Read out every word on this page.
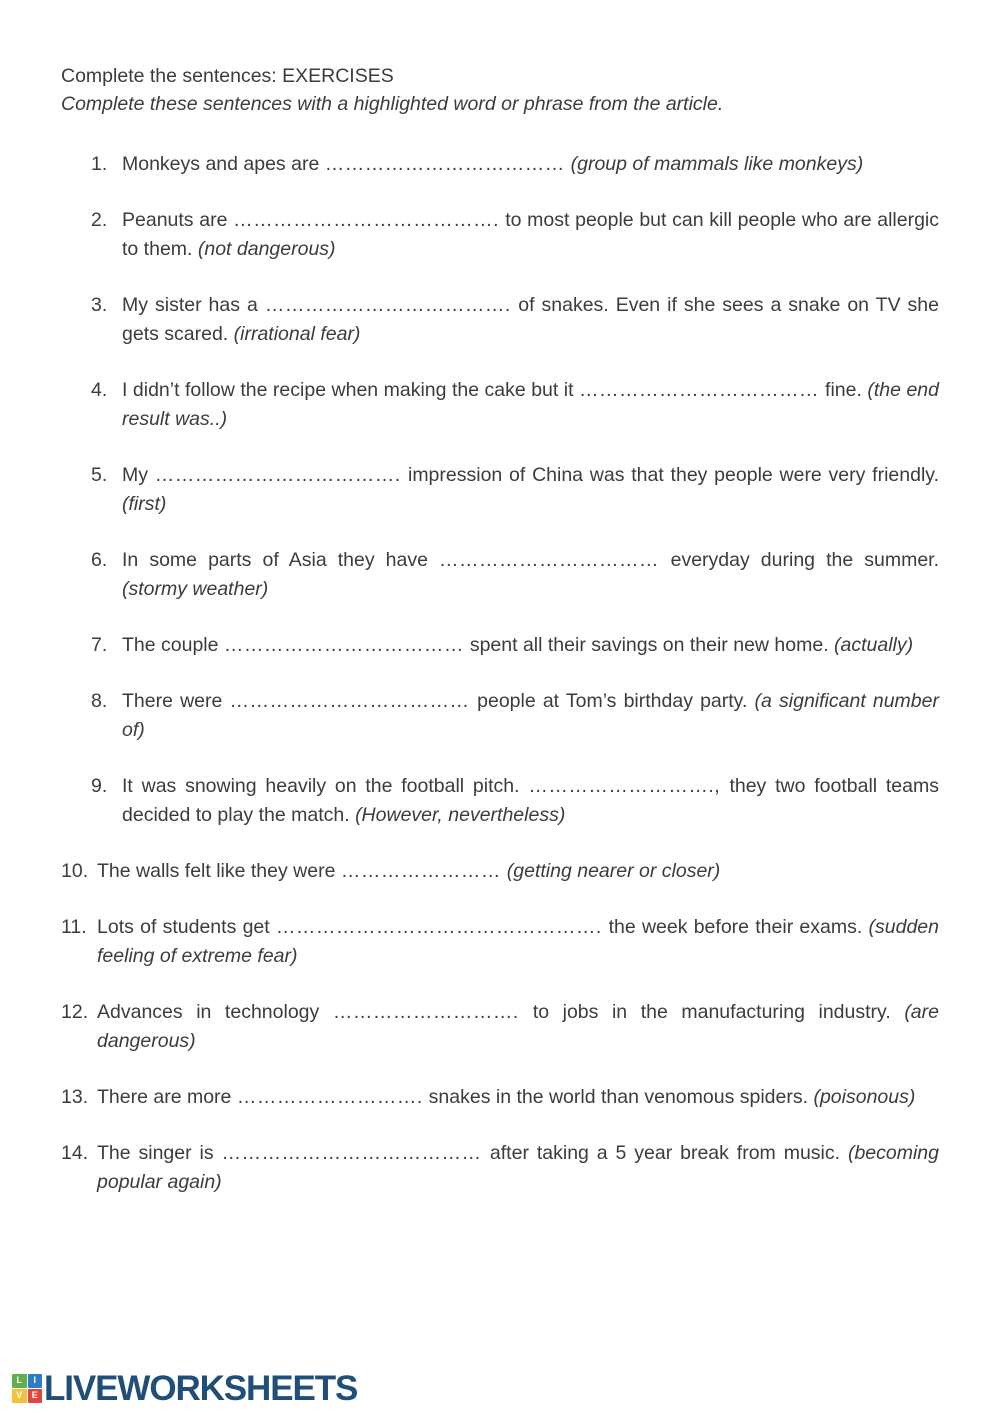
Complete the sentences: EXERCISES
Complete these sentences with a highlighted word or phrase from the article.
1. Monkeys and apes are ……………………………… (group of mammals like monkeys)
2. Peanuts are …………………………………. to most people but can kill people who are allergic to them. (not dangerous)
3. My sister has a ………………………………. of snakes. Even if she sees a snake on TV she gets scared. (irrational fear)
4. I didn’t follow the recipe when making the cake but it ……………………………… fine. (the end result was..)
5. My ………………………………. impression of China was that they people were very friendly. (first)
6. In some parts of Asia they have …………………………… everyday during the summer. (stormy weather)
7. The couple ……………………………… spent all their savings on their new home. (actually)
8. There were ……………………………… people at Tom’s birthday party. (a significant number of)
9. It was snowing heavily on the football pitch. ………………………., they two football teams decided to play the match. (However, nevertheless)
10. The walls felt like they were …………………… (getting nearer or closer)
11. Lots of students get …………………………………………. the week before their exams. (sudden feeling of extreme fear)
12. Advances in technology ………………………. to jobs in the manufacturing industry. (are dangerous)
13. There are more ………………………. snakes in the world than venomous spiders. (poisonous)
14. The singer is ………………………………… after taking a 5 year break from music. (becoming popular again)
L	I
V	E LIVEWORKSHEETS
